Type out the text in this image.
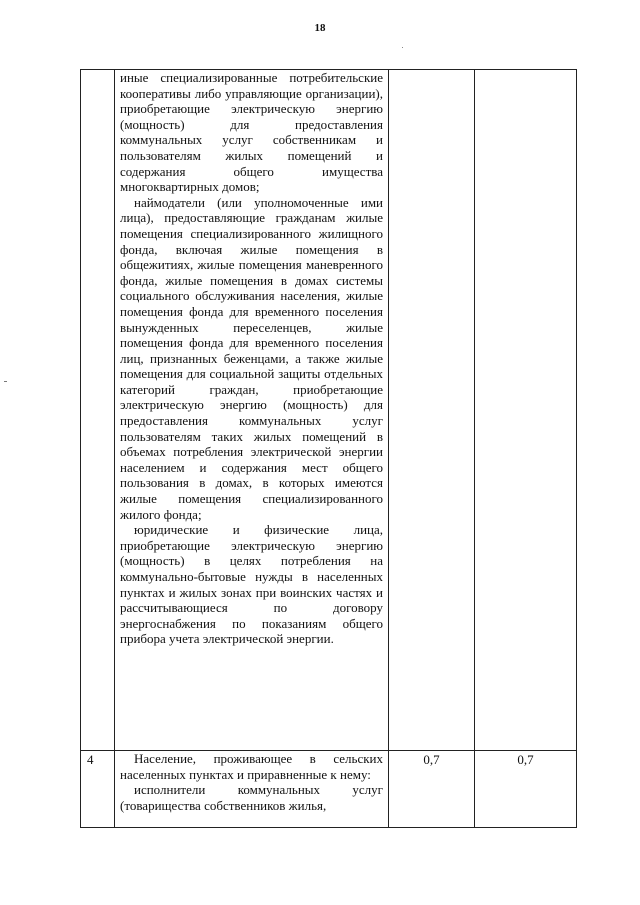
18

	иные специализированные потребительские кооперативы либо управляющие организации), приобретающие электрическую энергию (мощность) для предоставления коммунальных услуг собственникам и пользователям жилых помещений и содержания общего имущества многоквартирных домов;

наймодатели (или уполномоченные ими лица), предоставляющие гражданам жилые помещения специализированного жилищного фонда, включая жилые помещения в общежитиях, жилые помещения маневренного фонда, жилые помещения в домах системы социального обслуживания населения, жилые помещения фонда для временного поселения вынужденных переселенцев, жилые помещения фонда для временного поселения лиц, признанных беженцами, а также жилые помещения для социальной защиты отдельных категорий граждан, приобретающие электрическую энергию (мощность) для предоставления коммунальных услуг пользователям таких жилых помещений в объемах потребления электрической энергии населением и содержания мест общего пользования в домах, в которых имеются жилые помещения специализированного жилого фонда;

юридические и физические лица, приобретающие электрическую энергию (мощность) в целях потребления на коммунально-бытовые нужды в населенных пунктах и жилых зонах при воинских частях и рассчитывающиеся по договору энергоснабжения по показаниям общего прибора учета электрической энергии.		

4	Население, проживающее в сельских населенных пунктах и приравненные к нему:

исполнители коммунальных услуг (товарищества собственников жилья,	0,7	0,7
